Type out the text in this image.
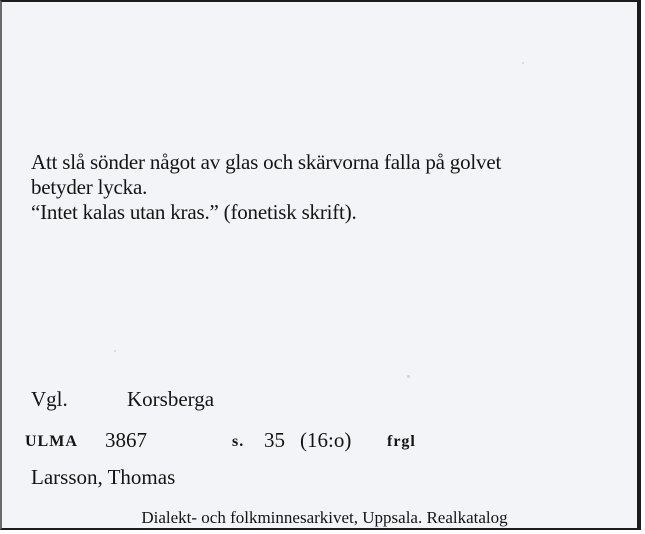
Att slå sönder något av glas och skärvorna falla på golvet
betyder lycka.
“Intet kalas utan kras.” (fonetisk skrift).
Vgl.	Korsberga
ULMA 3867	s. 35 (16:o) frgl
Larsson, Thomas
Dialekt- och folkminnesarkivet, Uppsala. Realkatalog
